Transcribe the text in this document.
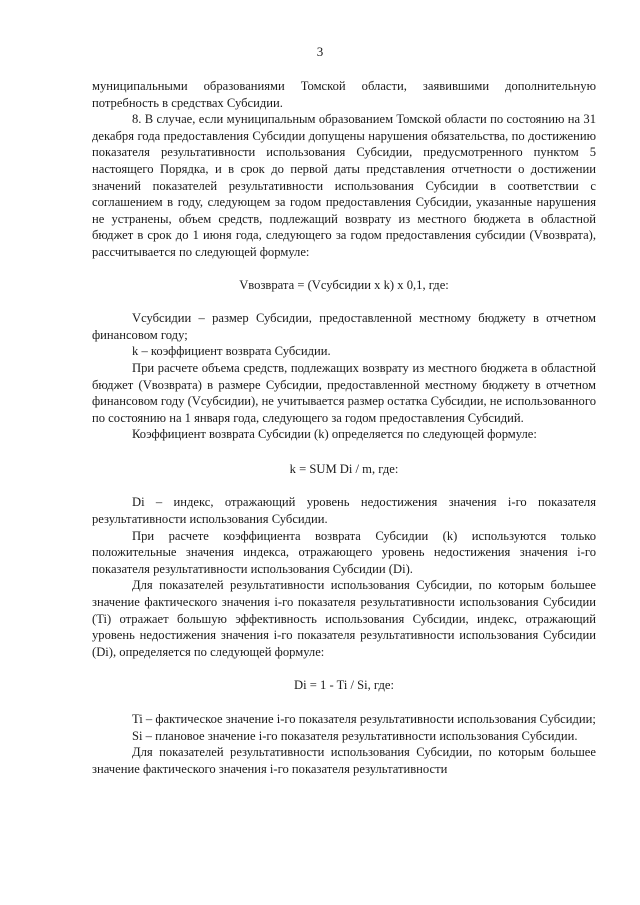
3

муниципальными образованиями Томской области, заявившими дополнительную потребность в средствах Субсидии.

8. В случае, если муниципальным образованием Томской области по состоянию на 31 декабря года предоставления Субсидии допущены нарушения обязательства, по достижению показателя результативности использования Субсидии, предусмотренного пунктом 5 настоящего Порядка, и в срок до первой даты представления отчетности о достижении значений показателей результативности использования Субсидии в соответствии с соглашением в году, следующем за годом предоставления Субсидии, указанные нарушения не устранены, объем средств, подлежащий возврату из местного бюджета в областной бюджет в срок до 1 июня года, следующего за годом предоставления субсидии (Vвозврата), рассчитывается по следующей формуле:

Vвозврата = (Vсубсидии x k) x 0,1, где:

Vсубсидии – размер Субсидии, предоставленной местному бюджету в отчетном финансовом году;

k – коэффициент возврата Субсидии.

При расчете объема средств, подлежащих возврату из местного бюджета в областной бюджет (Vвозврата) в размере Субсидии, предоставленной местному бюджету в отчетном финансовом году (Vсубсидии), не учитывается размер остатка Субсидии, не использованного по состоянию на 1 января года, следующего за годом предоставления Субсидий.

Коэффициент возврата Субсидии (k) определяется по следующей формуле:

k = SUM Di / m, где:

Di – индекс, отражающий уровень недостижения значения i-го показателя результативности использования Субсидии.

При расчете коэффициента возврата Субсидии (k) используются только положительные значения индекса, отражающего уровень недостижения значения i-го показателя результативности использования Субсидии (Di).

Для показателей результативности использования Субсидии, по которым большее значение фактического значения i-го показателя результативности использования Субсидии (Ti) отражает большую эффективность использования Субсидии, индекс, отражающий уровень недостижения значения i-го показателя результативности использования Субсидии (Di), определяется по следующей формуле:

Di = 1 - Ti / Si, где:

Ti – фактическое значение i-го показателя результативности использования Субсидии;

Si – плановое значение i-го показателя результативности использования Субсидии.

Для показателей результативности использования Субсидии, по которым большее значение фактического значения i-го показателя результативности
